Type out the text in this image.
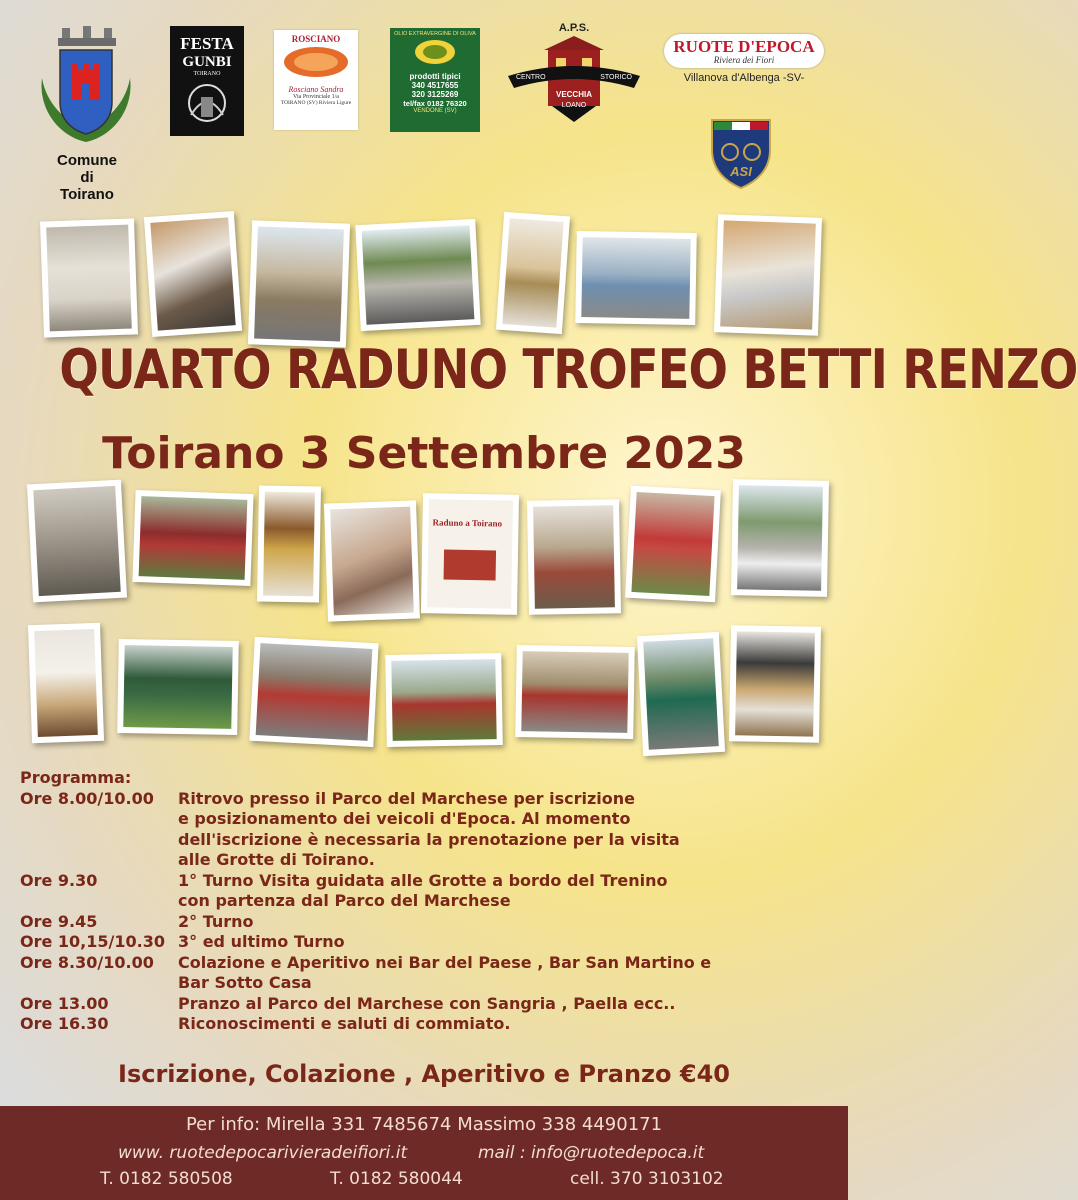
Comune
di
Toirano
FESTA
GUNBI
TOIRANO
ROSCIANO
Rosciano Sandra
Via Provinciale 1/a
TOIRANO (SV) Riviera Ligure
OLIO EXTRAVERGINE DI OLIVA
prodotti tipici
340 4517655
320 3125269
tel/fax 0182 76320
VENDONE (SV)
A.P.S.
CENTRO	STORICO
VECCHIA
LOANO
RUOTE D'EPOCA
Riviera dei Fiori
Villanova d'Albenga -SV-
ASI
QUARTO RADUNO TROFEO BETTI RENZO
Toirano 3 Settembre 2023
Raduno a Toirano
Programma:
Ore 8.00/10.00	Ritrovo presso il Parco del Marchese per iscrizione
e posizionamento dei veicoli d'Epoca. Al momento
dell'iscrizione è necessaria la prenotazione per la visita
alle Grotte di Toirano.
Ore 9.30	1° Turno Visita guidata alle Grotte a bordo del Trenino
con partenza dal Parco del Marchese
Ore 9.45	2° Turno
Ore 10,15/10.30 3° ed ultimo Turno
Ore 8.30/10.00	Colazione e Aperitivo nei Bar del Paese , Bar San Martino e
Bar Sotto Casa
Ore 13.00	Pranzo al Parco del Marchese con Sangria , Paella ecc..
Ore 16.30	Riconoscimenti e saluti di commiato.
Iscrizione, Colazione , Aperitivo e Pranzo €40
Per info: Mirella 331 7485674 Massimo 338 4490171
www. ruotedepocarivieradeifiori.it	mail : info@ruotedepoca.it
T. 0182 580508	T. 0182 580044	cell. 370 3103102
